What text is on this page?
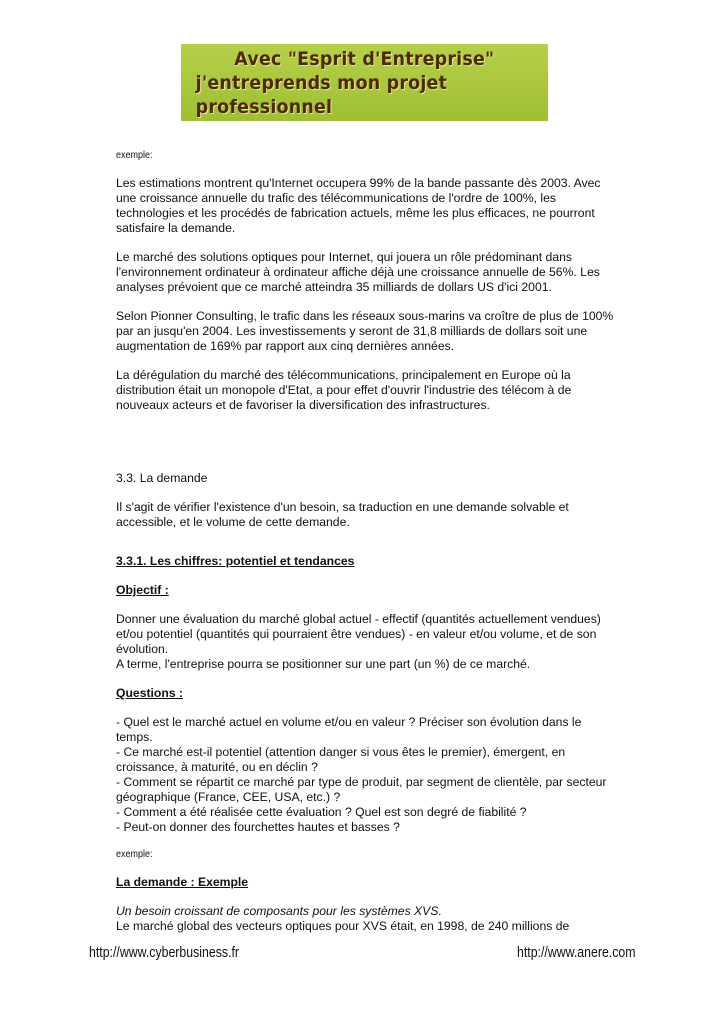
Avec "Esprit d'Entreprise"
j'entreprends mon projet professionnel

exemple:

Les estimations montrent qu'Internet occupera 99% de la bande passante dès 2003. Avec une croissance annuelle du trafic des télécommunications de l'ordre de 100%, les technologies et les procédés de fabrication actuels, même les plus efficaces, ne pourront satisfaire la demande.

Le marché des solutions optiques pour Internet, qui jouera un rôle prédominant dans l'environnement ordinateur à ordinateur affiche déjà une croissance annuelle de 56%. Les analyses prévoient que ce marché atteindra 35 milliards de dollars US d'ici 2001.

Selon Pionner Consulting, le trafic dans les réseaux sous-marins va croître de plus de 100% par an jusqu'en 2004. Les investissements y seront de 31,8 milliards de dollars soit une augmentation de 169% par rapport aux cinq dernières années.

La dérégulation du marché des télécommunications, principalement en Europe où la distribution était un monopole d'Etat, a pour effet d'ouvrir l'industrie des télécom à de nouveaux acteurs et de favoriser la diversification des infrastructures.

3.3. La demande

Il s'agit de vérifier l'existence d'un besoin, sa traduction en une demande solvable et accessible, et le volume de cette demande.

3.3.1. Les chiffres: potentiel et tendances

Objectif :

Donner une évaluation du marché global actuel - effectif (quantités actuellement vendues) et/ou potentiel (quantités qui pourraient être vendues) - en valeur et/ou volume, et de son évolution.

A terme, l'entreprise pourra se positionner sur une part (un %) de ce marché.

Questions :

- Quel est le marché actuel en volume et/ou en valeur ? Préciser son évolution dans le temps.

- Ce marché est-il potentiel (attention danger si vous êtes le premier), émergent, en croissance, à maturité, ou en déclin ?

- Comment se répartit ce marché par type de produit, par segment de clientèle, par secteur géographique (France, CEE, USA, etc.) ?

- Comment a été réalisée cette évaluation ? Quel est son degré de fiabilité ?

- Peut-on donner des fourchettes hautes et basses ?

exemple:

La demande : Exemple

Un besoin croissant de composants pour les systèmes XVS.

Le marché global des vecteurs optiques pour XVS était, en 1998, de 240 millions de

http://www.cyberbusiness.fr	http://www.anere.com
